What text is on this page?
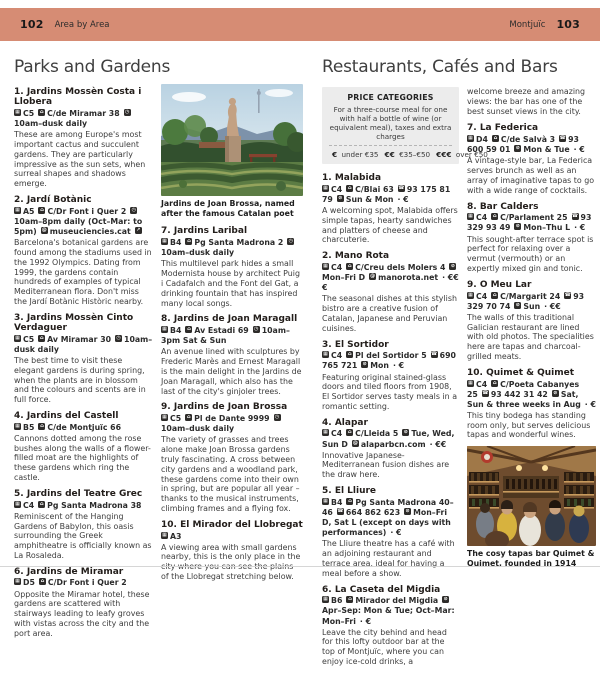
102 Area by Area	Montjuïc 103
Parks and Gardens	Restaurants, Cafés and Bars
1. Jardins Mossèn Costa i Llobera
▦ C5 ⌂ C/de Miramar 38 ◷10am–dusk daily

These are among Europe's most important cactus and succulent gardens. They are particularly impressive as the sun sets, when surreal shapes and shadows emerge.

2. Jardí Botànic
▦ A5 ⌂ C/Dr Font i Quer 2 ◷10am–8pm daily (Oct–Mar: to 5pm) @ museuciencies.cat ↗

Barcelona's botanical gardens are found among the stadiums used in the 1992 Olympics. Dating from 1999, the gardens contain hundreds of examples of typical Mediterranean flora. Don't miss the Jardí Botànic Històric nearby.

3. Jardins Mossèn Cinto Verdaguer
▦ C5 ⌂ Av Miramar 30 ◷ 10am–dusk daily

The best time to visit these elegant gardens is during spring, when the plants are in blossom and the colours and scents are in full force.

4. Jardins del Castell
▦ B5 ⌂ C/de Montjuïc 66

Cannons dotted among the rose bushes along the walls of a flower-filled moat are the highlights of these gardens which ring the castle.

5. Jardins del Teatre Grec
▦ C4 ⌂ Pg Santa Madrona 38

Reminiscent of the Hanging Gardens of Babylon, this oasis surrounding the Greek amphitheatre is officially known as La Rosaleda.

6. Jardins de Miramar
▦ D5 ⌂ C/Dr Font i Quer 2

Opposite the Miramar hotel, these gardens are scattered with stairways leading to leafy groves with vistas across the city and the port area.

Jardins de Joan Brossa, named after the famous Catalan poet
7. Jardins Laribal
▦ B4 ⌂ Pg Santa Madrona 2 ◷10am–dusk daily

This multilevel park hides a small Modernista house by architect Puig i Cadafalch and the Font del Gat, a drinking fountain that has inspired many local songs.

8. Jardins de Joan Maragall
▦ B4 ⌂ Av Estadi 69 ◷ 10am–3pm Sat & Sun

An avenue lined with sculptures by Frederic Marès and Ernest Maragall is the main delight in the Jardins de Joan Maragall, which also has the last of the city's ginjoler trees.

9. Jardins de Joan Brossa
▦ C5 ⌂ Pl de Dante 9999 ◷10am–dusk daily

The variety of grasses and trees alone make Joan Brossa gardens truly fascinating. A cross between city gardens and a woodland park, these gardens come into their own in spring, but are popular all year – thanks to the musical instruments, climbing frames and a flying fox.

10. El Mirador del Llobregat
▦ A3

A viewing area with small gardens nearby, this is the only place in the city where you can see the plains of the Llobregat stretching below.

PRICE CATEGORIES
For a three-course meal for one with half a bottle of wine (or equivalent meal), taxes and extra charges
€ under €35 €€ €35–€50 €€€ over €50
1. Malabida
▦ C4 ⌂ C/Blai 63 ☎ 93 175 81 79 ⊘ Sun & Mon · €

A welcoming spot, Malabida offers simple tapas, hearty sandwiches and platters of cheese and charcuterie.

2. Mano Rota
▦ C4 ⌂ C/Creu dels Molers 4 ⊘Mon–Fri D @ manorota.net · €€€

The seasonal dishes at this stylish bistro are a creative fusion of Catalan, Japanese and Peruvian cuisines.

3. El Sortidor
▦ C4 ⌂ Pl del Sortidor 5 ☎ 690 765 721 ⊘ Mon · €

Featuring original stained-glass doors and tiled floors from 1908, El Sortidor serves tasty meals in a romantic setting.

4. Alapar
▦ C4 ⌂ C/Lleida 5 ⊘ Tue, Wed, Sun D @ alaparbcn.com · €€

Innovative Japanese-Mediterranean fusion dishes are the draw here.

5. El Lliure
▦ B4 ⌂ Pg Santa Madrona 40–46 ☎ 664 862 623 ⊘ Mon–Fri D, Sat L (except on days with performances) · €

The Lliure theatre has a café with an adjoining restaurant and terrace area, ideal for having a meal before a show.

6. La Caseta del Migdia
▦ B6 ⌂ Mirador del Migdia ⊘Apr–Sep: Mon & Tue; Oct–Mar: Mon–Fri · €

Leave the city behind and head for this lofty outdoor bar at the top of Montjuïc, where you can enjoy ice-cold drinks, a

welcome breeze and amazing views: the bar has one of the best sunset views in the city.

7. La Federica
▦ D4 ⌂ C/de Salvà 3 ☎ 93 600 59 01 ⊘ Mon & Tue · €

A vintage-style bar, La Federica serves brunch as well as an array of imaginative tapas to go with a wide range of cocktails.

8. Bar Calders
▦ C4 ⌂ C/Parlament 25 ☎ 93 329 93 49 ⊘ Mon–Thu L · €

This sought-after terrace spot is perfect for relaxing over a vermut (vermouth) or an expertly mixed gin and tonic.

9. O Meu Lar
▦ C4 ⌂ C/Margarit 24 ☎ 93 329 70 74 ⊘ Sun · €€

The walls of this traditional Galician restaurant are lined with old photos. The specialities here are tapas and charcoal-grilled meats.

10. Quimet & Quimet
▦ C4 ⌂ C/Poeta Cabanyes 25 ☎ 93 442 31 42 ⊘ Sat, Sun & three weeks in Aug · €

This tiny bodega has standing room only, but serves delicious tapas and wonderful wines.

The cosy tapas bar Quimet & Quimet, founded in 1914
